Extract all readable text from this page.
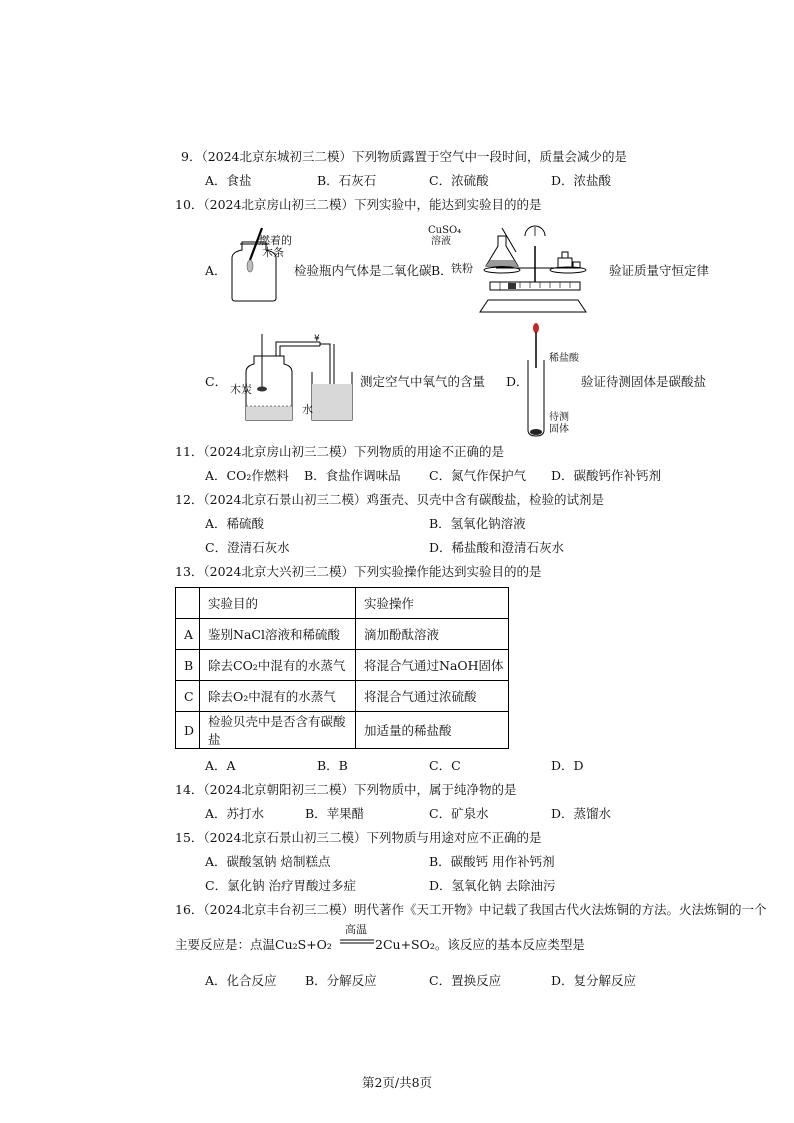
9．（2024北京东城初三二模）下列物质露置于空气中一段时间，质量会减少的是
A．食盐	B．石灰石	C．浓硫酸	D．浓盐酸
10．（2024北京房山初三二模）下列实验中，能达到实验目的的是
A．
燃着的
木条
检验瓶内气体是二氧化碳 B．
CuSO₄
溶液
铁粉	验证质量守恒定律
C．
¥
木炭
水
测定空气中氧气的含量 D．
稀盐酸
待测
固体
验证待测固体是碳酸盐
11．（2024北京房山初三二模）下列物质的用途不正确的是
A．CO₂作燃料 B．食盐作调味品 C．氮气作保护气 D．碳酸钙作补钙剂
12．（2024北京石景山初三二模）鸡蛋壳、贝壳中含有碳酸盐，检验的试剂是
A．稀硫酸	B．氢氧化钠溶液
C．澄清石灰水	D．稀盐酸和澄清石灰水
13．（2024北京大兴初三二模）下列实验操作能达到实验目的的是
	实验目的	实验操作
A	鉴别NaCl溶液和稀硫酸	滴加酚酞溶液
B	除去CO₂中混有的水蒸气	将混合气通过NaOH固体
C	除去O₂中混有的水蒸气	将混合气通过浓硫酸
D	检验贝壳中是否含有碳酸盐	加适量的稀盐酸
A．A	B．B	C．C	D．D
14．（2024北京朝阳初三二模）下列物质中，属于纯净物的是
A．苏打水	B．苹果醋	C．矿泉水	D．蒸馏水
15．（2024北京石景山初三二模）下列物质与用途对应不正确的是
A．碳酸氢钠 焙制糕点	B．碳酸钙 用作补钙剂
C．氯化钠 治疗胃酸过多症	D．氢氧化钠 去除油污
16．（2024北京丰台初三二模）明代著作《天工开物》中记载了我国古代火法炼铜的方法。火法炼铜的一个
主要反应是：点温Cu₂S+O₂
高温
2Cu+SO₂。该反应的基本反应类型是
A．化合反应 B．分解反应	C．置换反应	D．复分解反应
第2页/共8页
